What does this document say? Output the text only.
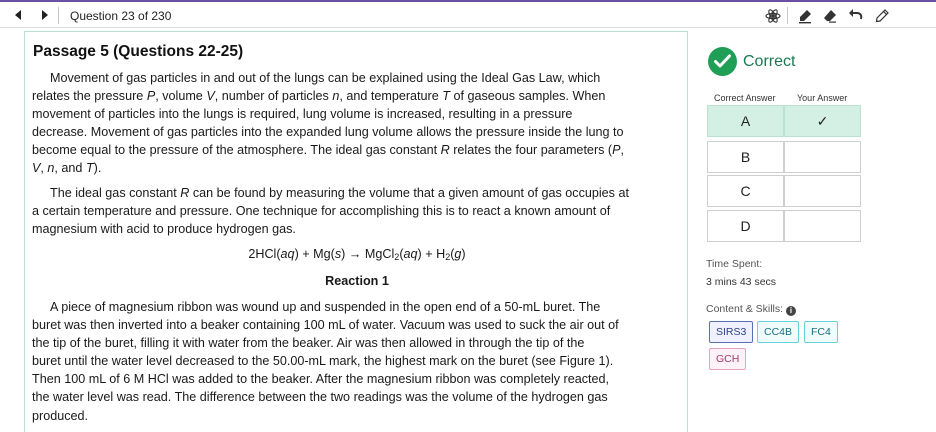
Question 23 of 230
Passage 5 (Questions 22-25)
Movement of gas particles in and out of the lungs can be explained using the Ideal Gas Law, which
relates the pressure P, volume V, number of particles n, and temperature T of gaseous samples. When
movement of particles into the lungs is required, lung volume is increased, resulting in a pressure
decrease. Movement of gas particles into the expanded lung volume allows the pressure inside the lung to
become equal to the pressure of the atmosphere. The ideal gas constant R relates the four parameters (P,
V, n, and T).
The ideal gas constant R can be found by measuring the volume that a given amount of gas occupies at
a certain temperature and pressure. One technique for accomplishing this is to react a known amount of
magnesium with acid to produce hydrogen gas.
2HCl(aq) + Mg(s) → MgCl$_2$(aq) + $H_2(g)$
Reaction 1
A piece of magnesium ribbon was wound up and suspended in the open end of a 50-mL buret. The
buret was then inverted into a beaker containing 100 mL of water. Vacuum was used to suck the air out of
the tip of the buret, filling it with water from the beaker. Air was then allowed in through the tip of the
buret until the water level decreased to the 50.00-mL mark, the highest mark on the buret (see Figure 1).
Then 100 mL of 6 M HCl was added to the beaker. After the magnesium ribbon was completely reacted,
the water level was read. The difference between the two readings was the volume of the hydrogen gas
produced.
Correct
Correct Answer Your Answer
A	✓
B
C
D
Time Spent:
3 mins 43 secs
Content & Skills: i
SIRS3	CC4B	FC4
GCH
